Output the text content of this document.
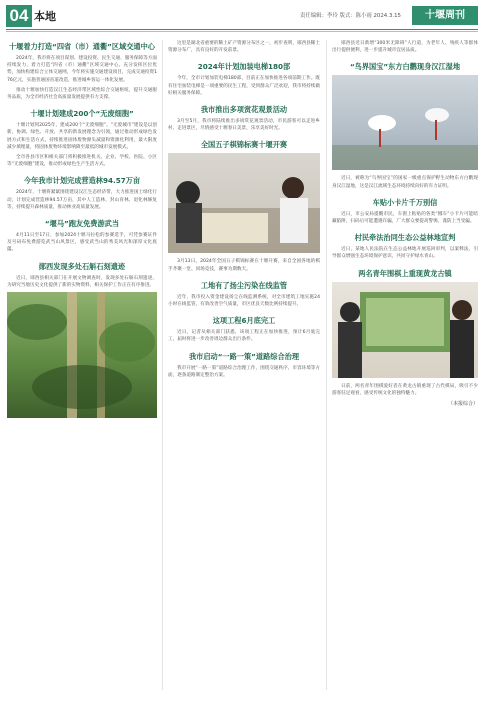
04 本地	责任编辑：李玲 版式：陈小雨 2024.3.15	十堰周刊
十堰着力打造“四省（市）通衢”区域交通中心

2024年，我市将在项目谋划、建设投资、民生交通、服务保障等方面持续发力，着力打造“四省（市）通衢”区域交通中心。充分发挥区位优势，加快构建综合立体交通网，今年将实施交通建设项目，完成交通投资176亿元，实施普通国省道改造，推进城乡客运一体化发展。

推动十堰加快打造汉江生态经济带区域性综合交通枢纽，提升交通服务品质，为全市经济社会高质量发展提供有力支撑。

十堰计划建成200个“无废细胞”

十堰计划到2025年，建成200个“无废细胞”。“无废城市”建设是以创新、协调、绿色、开放、共享的新发展理念为引领，通过推动形成绿色发展方式和生活方式，持续推进固体废物源头减量和资源化利用，最大限度减少填埋量，将固体废物环境影响降至最低的城市发展模式。

全市各县市区和相关部门将积极推进机关、企业、学校、医院、小区等“无废细胞”建设，推动形成绿色生产生活方式。

今年我市计划完成营造林94.57万亩

2024年，十堰将紧紧围绕建设汉江生态经济带，大力推进国土绿化行动，计划完成营造林94.57万亩，其中人工造林、封山育林、退化林修复等，持续提升森林质量，推动林业高质量发展。

“堰马”跑友免费游武当

4月11日至17日，参加2024十堰马拉松的参赛选手，可凭参赛证件及号码布免费游览武当山风景区，感受武当山的秀美风光和深厚文化底蕴。

郧西发现多处石斛石刻遗迹

近日，郧西县相关部门在开展文物调查时，发现多处石斛石刻遗迹，为研究当地历史文化提供了新的实物资料，相关保护工作正在有序推进。

这里是湖北省重要的稀土矿产资源分布区之一，初步查明，郧西县稀土资源分布广，具有良好的开发前景。

2024年计划加装电梯180部

今年，全市计划加装电梯180部，目前正在加快推进各项前期工作。既有住宅加装电梯是一项重要的民生工程，受到群众广泛欢迎，我市将持续做好相关服务保障。

我市推出多项赏花观景活动

3月至5月，我市将陆续推出多项赏花观景活动，市民游客可以走进乡村、走进景区，尽情感受十堰春日美景，乐享美好时光。

全国五子棋锦标赛十堰开赛

3月13日，2024年全国五子棋锦标赛在十堰开赛，来自全国各地的棋手齐聚一堂、同场竞技，赛事为期数天。

工地有了扬尘污染在线监管

近年，我市投入资金建设扬尘在线监测系统，对全市建筑工地实施24小时在线监管，有效改善空气质量，市区优良天数比例持续提升。

这项工程6月底完工

近日，记者从相关部门获悉，该项工程正在加快推进，预计6月底完工，届时将进一步改善周边群众出行条件。

我市启动“一路一策”道路综合治理

我市开展“一路一策”道路综合治理工作，围绕交通秩序、市容环境等方面，逐条道路制定整治方案。

郧西县近日新增“300米无障碍”人行道，为老年人、残疾人等群体出行提供便利，进一步提升城市宜居品质。

“鸟界国宝”东方白鹳现身汉江湿地

近日，被称为“鸟界国宝”的国家一级重点保护野生动物东方白鹳现身汉江湿地，这是汉江流域生态环境持续向好的有力证明。

车贴小卡片千万别信

近日，市公安局提醒市民，车窗上粘贴的各类“挪车”小卡片可能暗藏陷阱，扫码后可能遭遇诈骗，广大群众要提高警惕，谨防上当受骗。

村民牵法治同生态公益林地宣判

近日，某地人民法院在生态公益林地开展巡回审判，以案释法，引导群众增强生态环境保护意识，共同守护绿水青山。

两名青年围棋上重现黄龙古镇

日前，两名青年围棋爱好者在黄龙古镇重现了古代棋局，吸引不少游客驻足观看，感受传统文化的独特魅力。

（本报综合）
